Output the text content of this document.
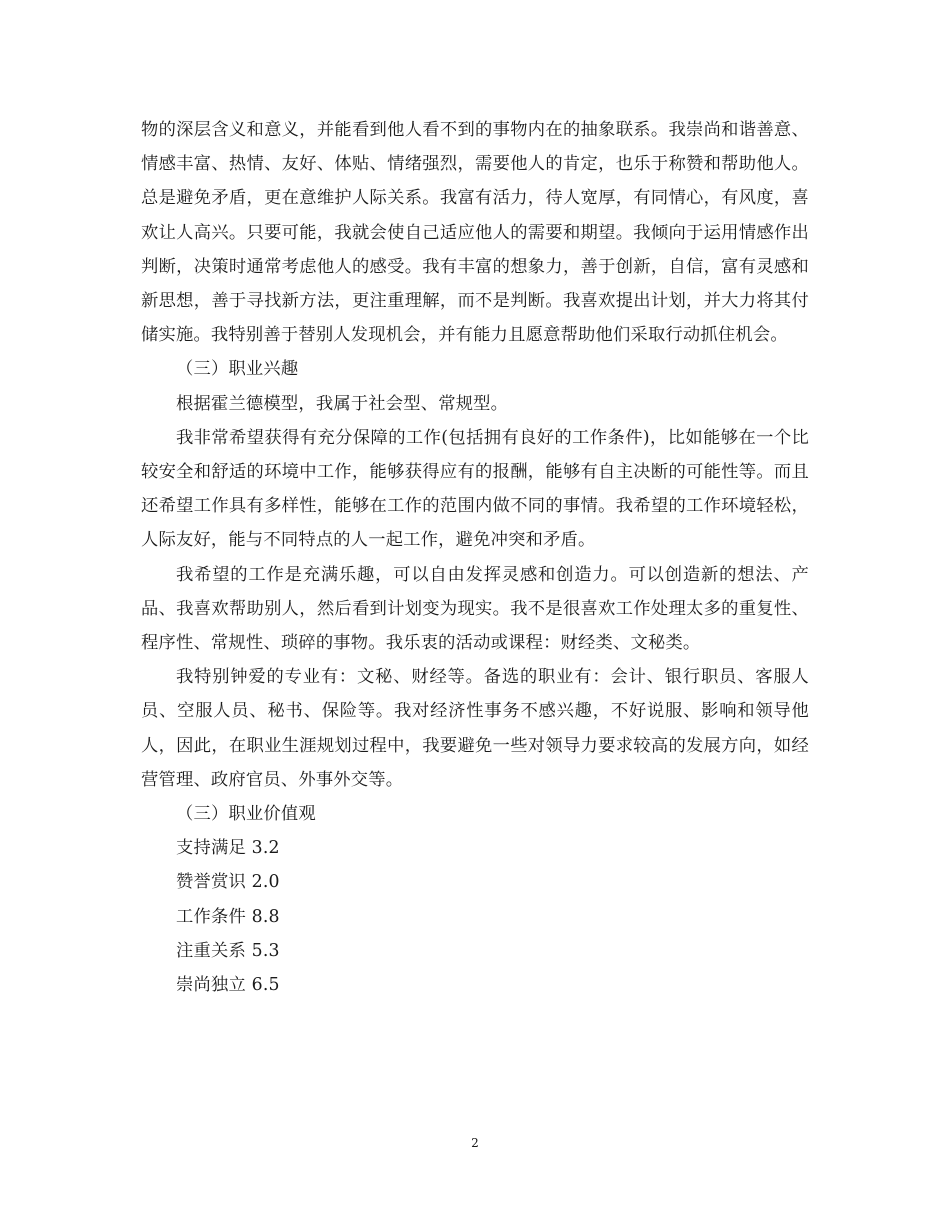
物的深层含义和意义，并能看到他人看不到的事物内在的抽象联系。我崇尚和谐善意、情感丰富、热情、友好、体贴、情绪强烈，需要他人的肯定，也乐于称赞和帮助他人。总是避免矛盾，更在意维护人际关系。我富有活力，待人宽厚，有同情心，有风度，喜欢让人高兴。只要可能，我就会使自己适应他人的需要和期望。我倾向于运用情感作出判断，决策时通常考虑他人的感受。我有丰富的想象力，善于创新，自信，富有灵感和新思想，善于寻找新方法，更注重理解，而不是判断。我喜欢提出计划，并大力将其付储实施。我特别善于替别人发现机会，并有能力且愿意帮助他们采取行动抓住机会。

（三）职业兴趣

根据霍兰德模型，我属于社会型、常规型。

我非常希望获得有充分保障的工作(包括拥有良好的工作条件)，比如能够在一个比较安全和舒适的环境中工作，能够获得应有的报酬，能够有自主决断的可能性等。而且还希望工作具有多样性，能够在工作的范围内做不同的事情。我希望的工作环境轻松，人际友好，能与不同特点的人一起工作，避免冲突和矛盾。

我希望的工作是充满乐趣，可以自由发挥灵感和创造力。可以创造新的想法、产品、我喜欢帮助别人，然后看到计划变为现实。我不是很喜欢工作处理太多的重复性、程序性、常规性、琐碎的事物。我乐衷的活动或课程：财经类、文秘类。

我特别钟爱的专业有：文秘、财经等。备选的职业有：会计、银行职员、客服人员、空服人员、秘书、保险等。我对经济性事务不感兴趣，不好说服、影响和领导他人，因此，在职业生涯规划过程中，我要避免一些对领导力要求较高的发展方向，如经营管理、政府官员、外事外交等。

（三）职业价值观

支持满足 3.2

赞誉赏识 2.0

工作条件 8.8

注重关系 5.3

崇尚独立 6.5

2
